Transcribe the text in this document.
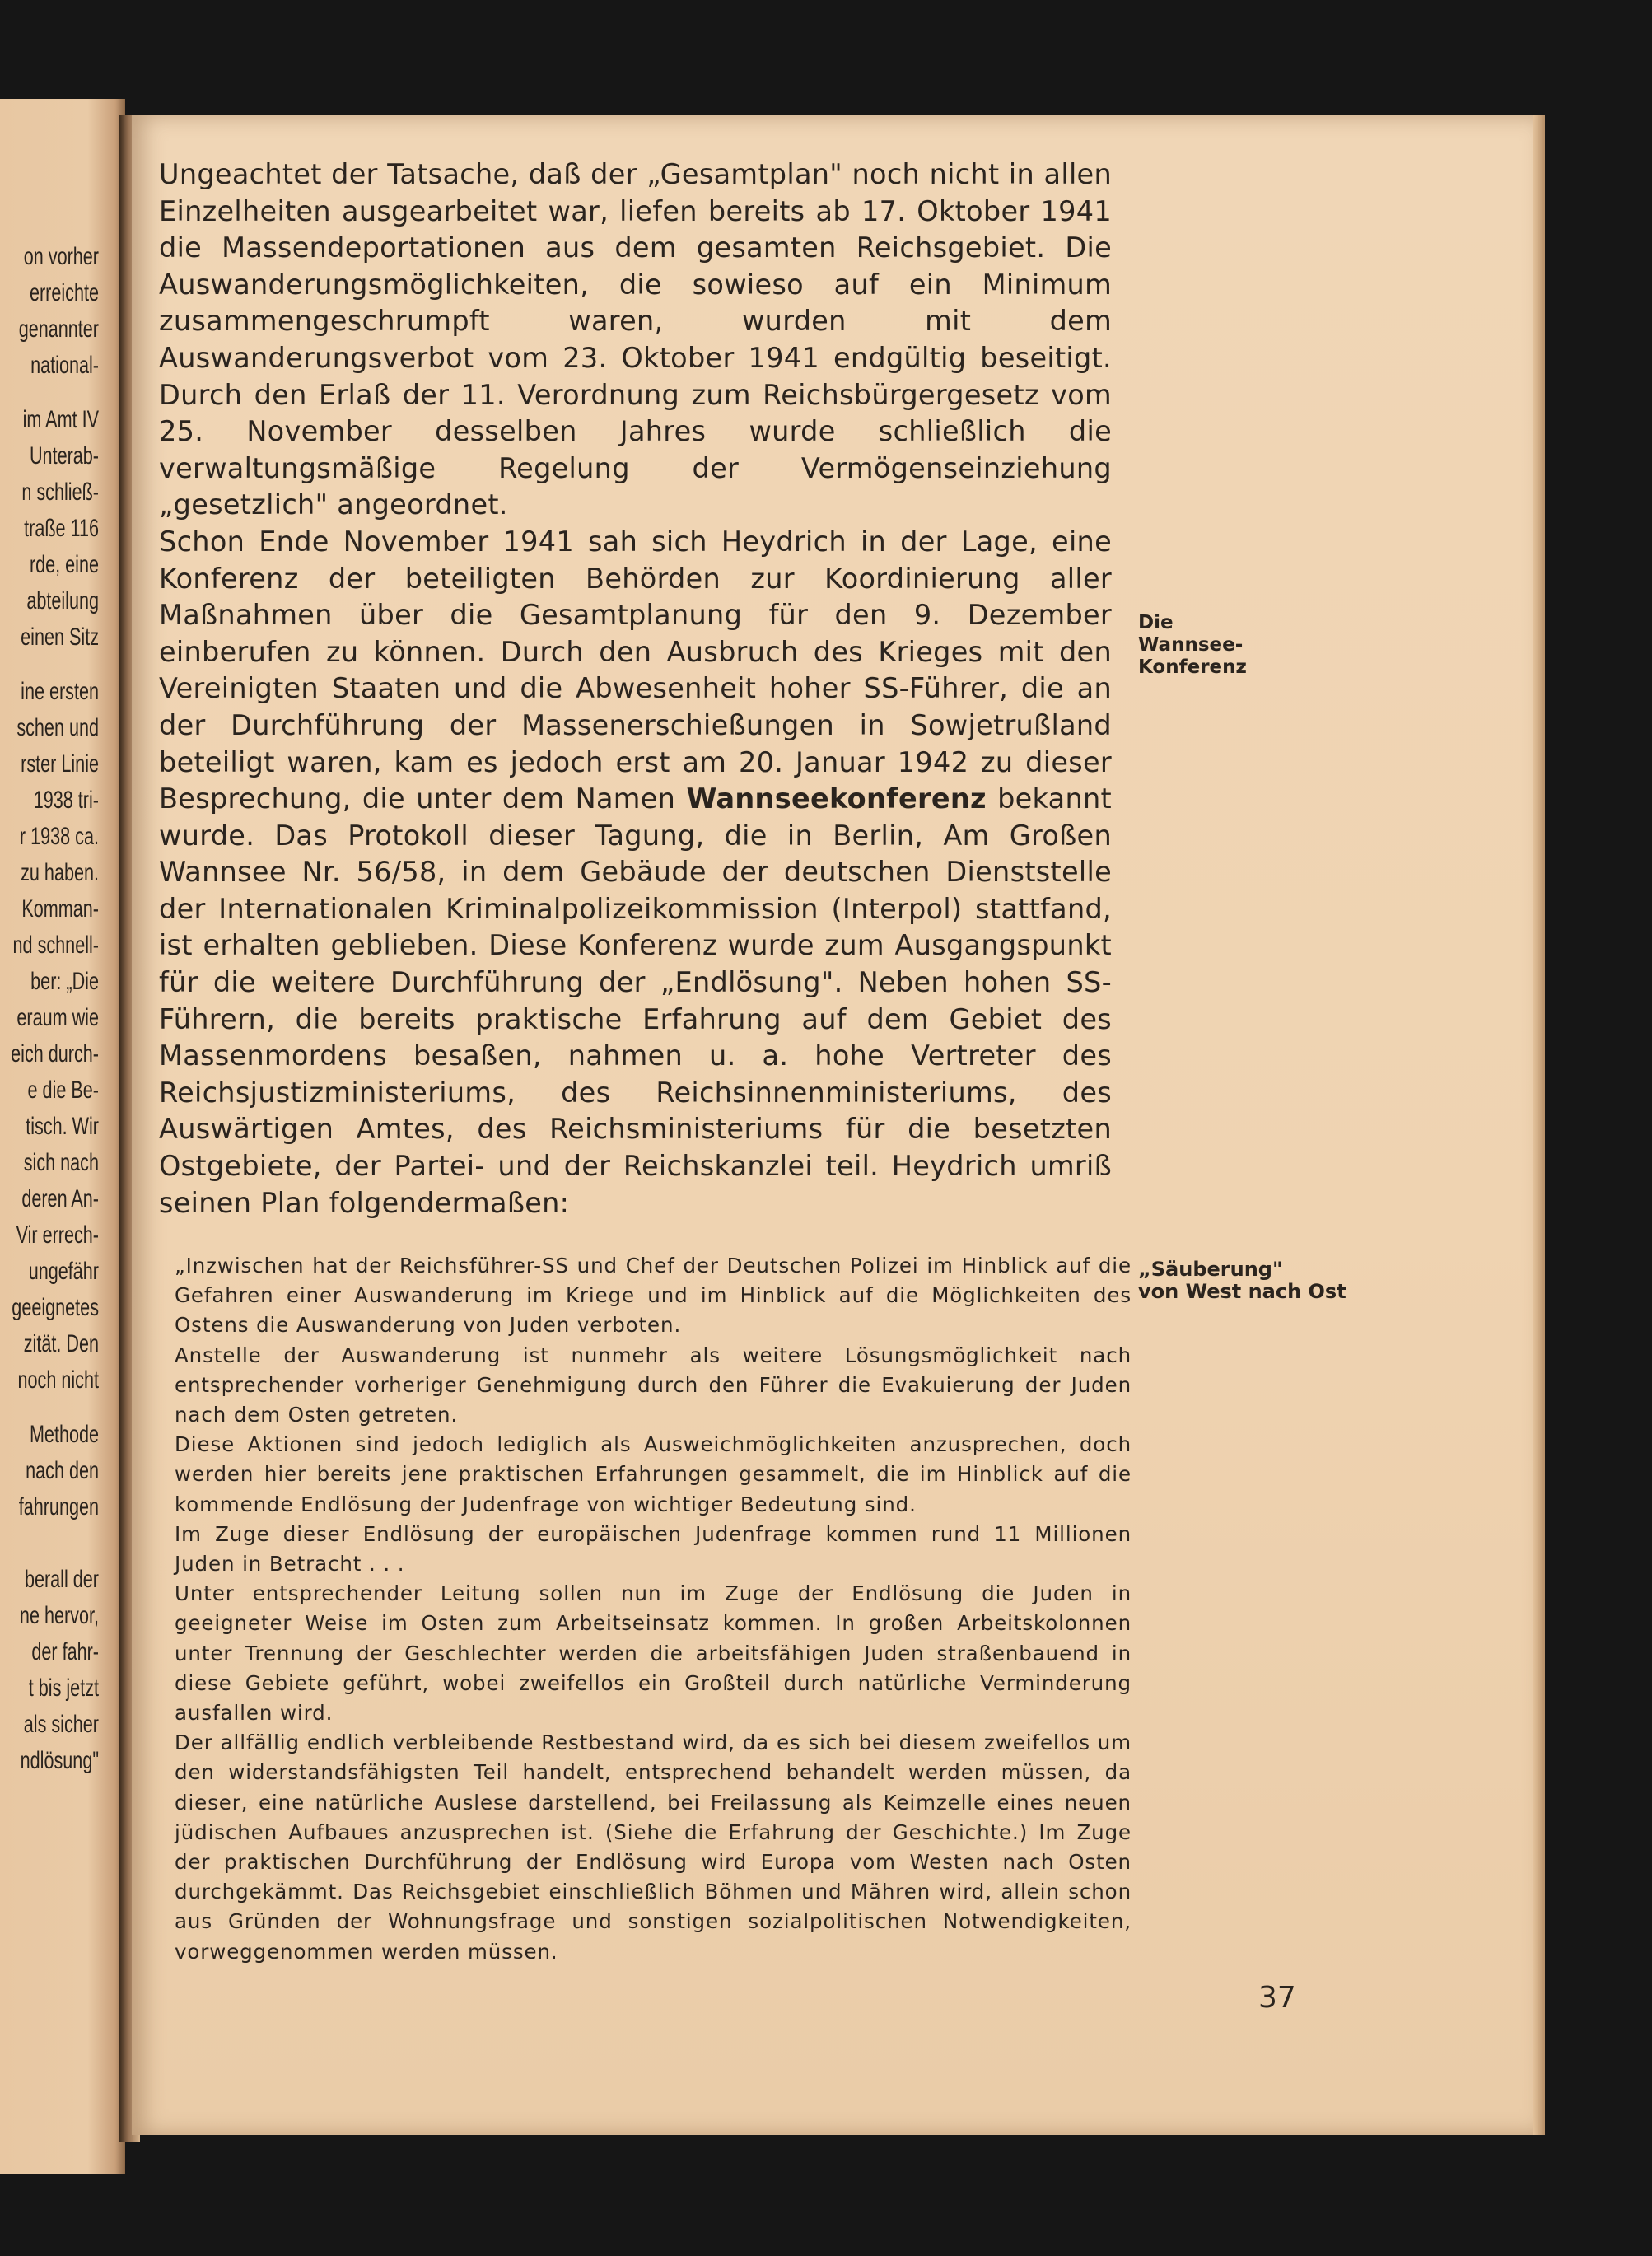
on vorher
erreichte
genannter
national-
im Amt IV
Unterab-
n schließ-
traße 116
rde, eine
abteilung
einen Sitz
ine ersten
schen und
rster Linie
1938 tri-
r 1938 ca.
zu haben.
Komman-
nd schnell-
ber: „Die
eraum wie
eich durch-
e die Be-
tisch. Wir
sich nach
deren An-
Vir errech-
ungefähr
geeignetes
zität. Den
noch nicht
Methode
nach den
fahrungen
berall der
ne hervor,
der fahr-
t bis jetzt
als sicher
ndlösung"

Ungeachtet der Tatsache, daß der „Gesamtplan" noch nicht in allen Einzelheiten ausgearbeitet war, liefen bereits ab 17. Oktober 1941 die Massendeportationen aus dem gesamten Reichsgebiet. Die Auswanderungsmöglichkeiten, die sowieso auf ein Minimum zusammengeschrumpft waren, wurden mit dem Auswanderungsverbot vom 23. Oktober 1941 endgültig beseitigt. Durch den Erlaß der 11. Verordnung zum Reichsbürgergesetz vom 25. November desselben Jahres wurde schließlich die verwaltungsmäßige Regelung der Vermögenseinziehung „gesetzlich" angeordnet.

Schon Ende November 1941 sah sich Heydrich in der Lage, eine Konferenz der beteiligten Behörden zur Koordinierung aller Maßnahmen über die Gesamtplanung für den 9. Dezember einberufen zu können. Durch den Ausbruch des Krieges mit den Vereinigten Staaten und die Abwesenheit hoher SS-Führer, die an der Durchführung der Massenerschießungen in Sowjetrußland beteiligt waren, kam es jedoch erst am 20. Januar 1942 zu dieser Besprechung, die unter dem Namen Wannseekonferenz bekannt wurde. Das Protokoll dieser Tagung, die in Berlin, Am Großen Wannsee Nr. 56/58, in dem Gebäude der deutschen Dienststelle der Internationalen Kriminalpolizeikommission (Interpol) stattfand, ist erhalten geblieben. Diese Konferenz wurde zum Ausgangspunkt für die weitere Durchführung der „Endlösung". Neben hohen SS-Führern, die bereits praktische Erfahrung auf dem Gebiet des Massenmordens besaßen, nahmen u. a. hohe Vertreter des Reichsjustizministeriums, des Reichsinnenministeriums, des Auswärtigen Amtes, des Reichsministeriums für die besetzten Ostgebiete, der Partei- und der Reichskanzlei teil. Heydrich umriß seinen Plan folgendermaßen:

„Inzwischen hat der Reichsführer-SS und Chef der Deutschen Polizei im Hinblick auf die Gefahren einer Auswanderung im Kriege und im Hinblick auf die Möglichkeiten des Ostens die Auswanderung von Juden verboten.

Anstelle der Auswanderung ist nunmehr als weitere Lösungsmöglichkeit nach entsprechender vorheriger Genehmigung durch den Führer die Evakuierung der Juden nach dem Osten getreten.

Diese Aktionen sind jedoch lediglich als Ausweichmöglichkeiten anzusprechen, doch werden hier bereits jene praktischen Erfahrungen gesammelt, die im Hinblick auf die kommende Endlösung der Judenfrage von wichtiger Bedeutung sind.

Im Zuge dieser Endlösung der europäischen Judenfrage kommen rund 11 Millionen Juden in Betracht . . .

Unter entsprechender Leitung sollen nun im Zuge der Endlösung die Juden in geeigneter Weise im Osten zum Arbeitseinsatz kommen. In großen Arbeitskolonnen unter Trennung der Geschlechter werden die arbeitsfähigen Juden straßenbauend in diese Gebiete geführt, wobei zweifellos ein Großteil durch natürliche Verminderung ausfallen wird.

Der allfällig endlich verbleibende Restbestand wird, da es sich bei diesem zweifellos um den widerstandsfähigsten Teil handelt, entsprechend behandelt werden müssen, da dieser, eine natürliche Auslese darstellend, bei Freilassung als Keimzelle eines neuen jüdischen Aufbaues anzusprechen ist. (Siehe die Erfahrung der Geschichte.) Im Zuge der praktischen Durchführung der Endlösung wird Europa vom Westen nach Osten durchgekämmt. Das Reichsgebiet einschließlich Böhmen und Mähren wird, allein schon aus Gründen der Wohnungsfrage und sonstigen sozialpolitischen Notwendigkeiten, vorweggenommen werden müssen.

Die Wannsee-
Konferenz
„Säuberung"
von West nach Ost
37
